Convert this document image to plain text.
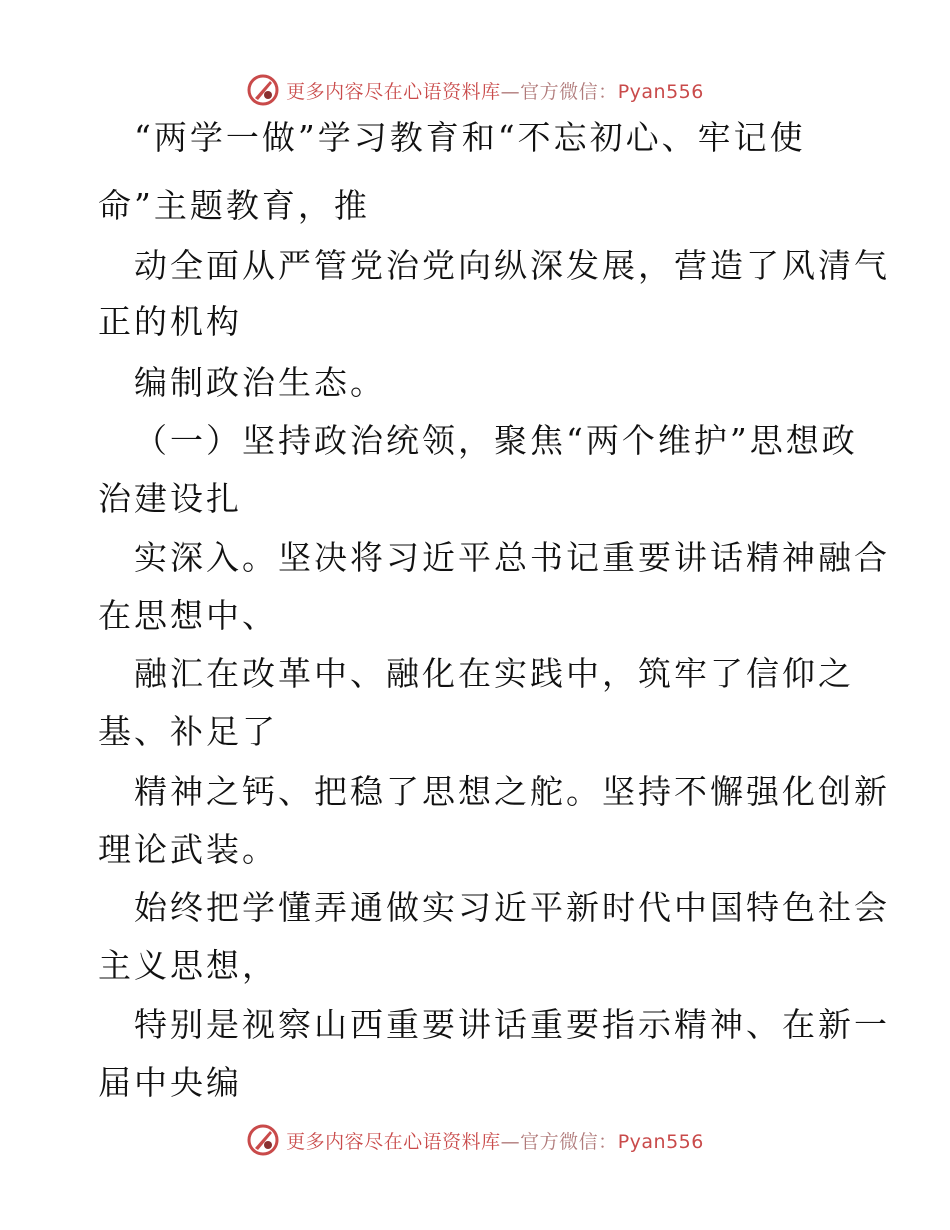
更多内容尽在心语资料库—官方微信：Pyan556
“两学一做”学习教育和“不忘初心、牢记使
命”主题教育，推
动全面从严管党治党向纵深发展，营造了风清气
正的机构
编制政治生态。
（一）坚持政治统领，聚焦“两个维护”思想政
治建设扎
实深入。坚决将习近平总书记重要讲话精神融合
在思想中、
融汇在改革中、融化在实践中，筑牢了信仰之
基、补足了
精神之钙、把稳了思想之舵。坚持不懈强化创新
理论武装。
始终把学懂弄通做实习近平新时代中国特色社会
主义思想，
特别是视察山西重要讲话重要指示精神、在新一
届中央编
更多内容尽在心语资料库—官方微信：Pyan556
